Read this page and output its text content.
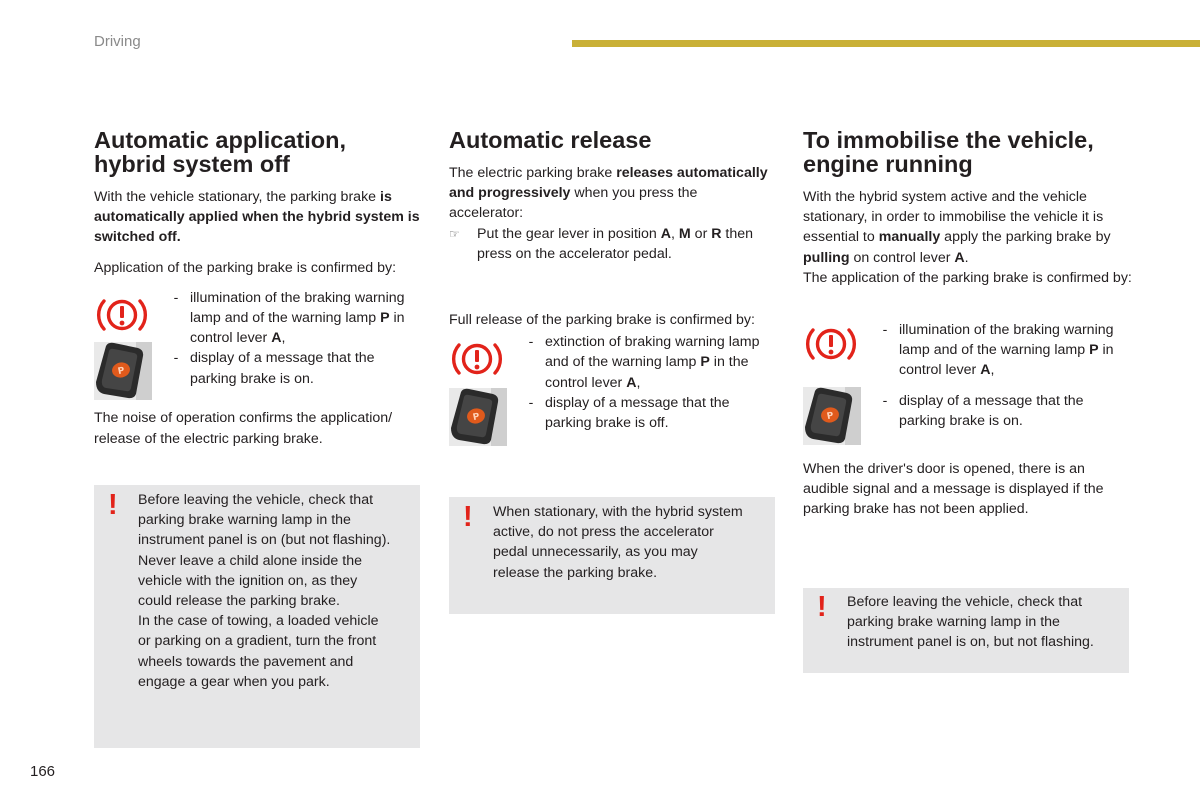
Driving
Automatic application,
hybrid system off

With the vehicle stationary, the parking brake is automatically applied when the hybrid system is switched off.

Application of the parking brake is confirmed by:

- illumination of the braking warning lamp and of the warning lamp P in control lever A,
- display of a message that the parking brake is on.

The noise of operation confirms the application/ release of the electric parking brake.

! Before leaving the vehicle, check that
parking brake warning lamp in the
instrument panel is on (but not flashing).
Never leave a child alone inside the
vehicle with the ignition on, as they
could release the parking brake.
In the case of towing, a loaded vehicle
or parking on a gradient, turn the front
wheels towards the pavement and
engage a gear when you park.
Automatic release

The electric parking brake releases automatically and progressively when you press the accelerator:

☞	Put the gear lever in position A, M or R then press on the accelerator pedal.

Full release of the parking brake is confirmed by:

- extinction of braking warning lamp and of the warning lamp P in the control lever A,
- display of a message that the parking brake is off.
! When stationary, with the hybrid system
active, do not press the accelerator
pedal unnecessarily, as you may
release the parking brake.
To immobilise the vehicle,
engine running

With the hybrid system active and the vehicle stationary, in order to immobilise the vehicle it is essential to manually apply the parking brake by pulling on control lever A.

The application of the parking brake is confirmed by:

- illumination of the braking warning lamp and of the warning lamp P in control lever A,
- display of a message that the parking brake is on.

When the driver's door is opened, there is an audible signal and a message is displayed if the parking brake has not been applied.

! Before leaving the vehicle, check that
parking brake warning lamp in the
instrument panel is on, but not flashing.
166
